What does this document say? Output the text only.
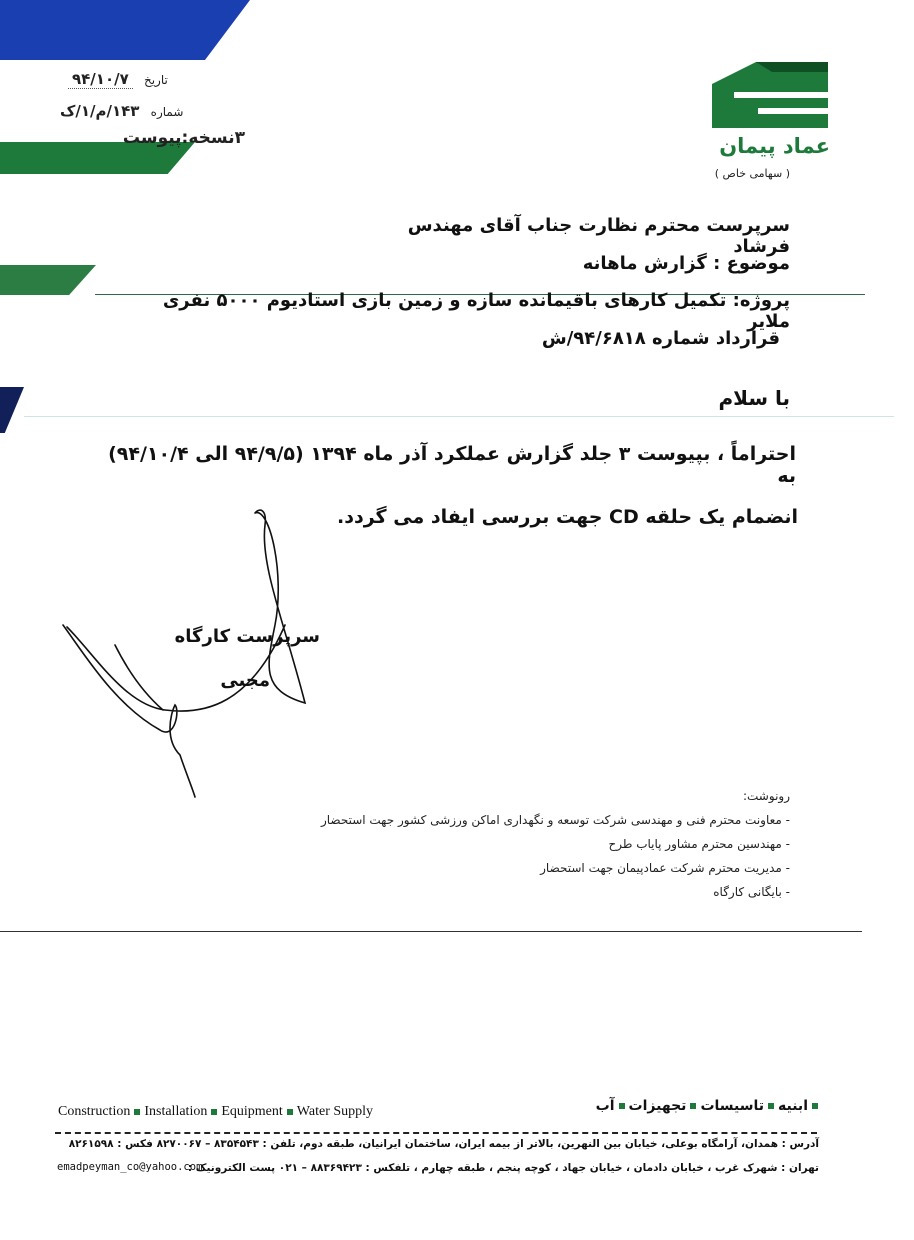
تاریخ ۹۴/۱۰/۷
شماره ۱۴۳/م/۱/ک
۳نسخه:پیوست	عماد پیمان
( سهامی خاص )
سرپرست محترم نظارت جناب آقای مهندس فرشاد
موضوع : گزارش ماهانه
پروژه: تکمیل کارهای باقیمانده سازه و زمین بازی استادیوم ۵۰۰۰ نفری ملایر
قرارداد شماره ۹۴/۶۸۱۸/ش
با سلام
احتراماً ، بپیوست ۳ جلد گزارش عملکرد آذر ماه ۱۳۹۴ (۹۴/۹/۵ الی ۹۴/۱۰/۴) به
انضمام یک حلقه CD جهت بررسی ایفاد می گردد.
سرپرست کارگاه
مجبی
رونوشت:
- معاونت محترم فنی و مهندسی شرکت توسعه و نگهداری اماکن ورزشی کشور جهت استحضار
- مهندسین محترم مشاور پایاب طرح
- مدیریت محترم شرکت عمادپیمان جهت استحضار
- بایگانی کارگاه
Construction Installation Equipment Water Supply	ابنیهتاسیساتتجهیزاتآب
آدرس : همدان، آرامگاه بوعلی، خیابان بین النهرین، بالاتر از بیمه ایران، ساختمان ایرانیان، طبقه دوم، تلفن : ۸۳۵۴۵۴۳ – ۸۲۷۰۰۶۷ فکس : ۸۲۶۱۵۹۸
تهران : شهرک غرب ، خیابان دادمان ، خیابان جهاد ، کوچه پنجم ، طبقه چهارم ، تلفکس : ۸۸۳۶۹۴۲۳ – ۰۲۱ پست الکترونیک :
emadpeyman_co@yahoo.com
